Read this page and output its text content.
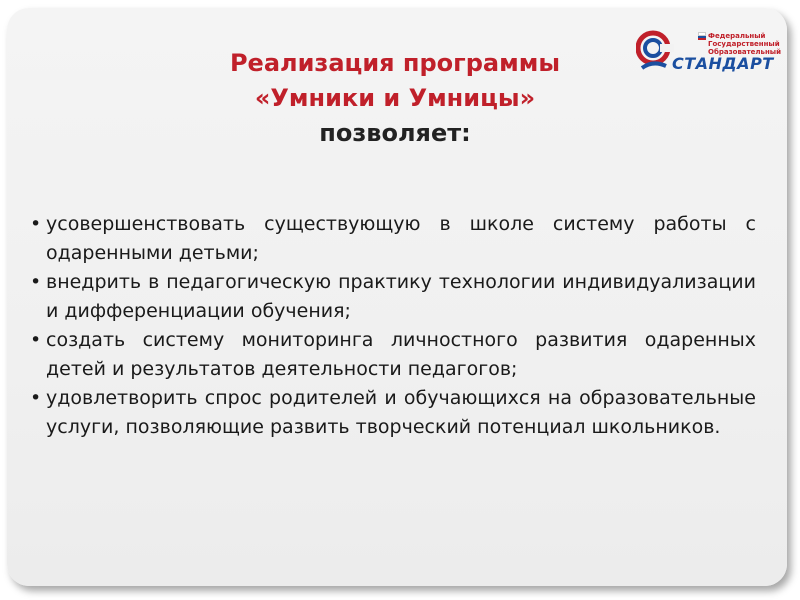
Реализация программы
«Умники и Умницы»
позволяет:
Федеральный
Государственный
Образовательный
СТАНДАРТ
• усовершенствовать существующую в школе систему работы с одаренными детьми;
• внедрить в педагогическую практику технологии индивидуализации и дифференциации обучения;
• создать систему мониторинга личностного развития одаренных детей и результатов деятельности педагогов;
• удовлетворить спрос родителей и обучающихся на образовательные услуги, позволяющие развить творческий потенциал школьников.
